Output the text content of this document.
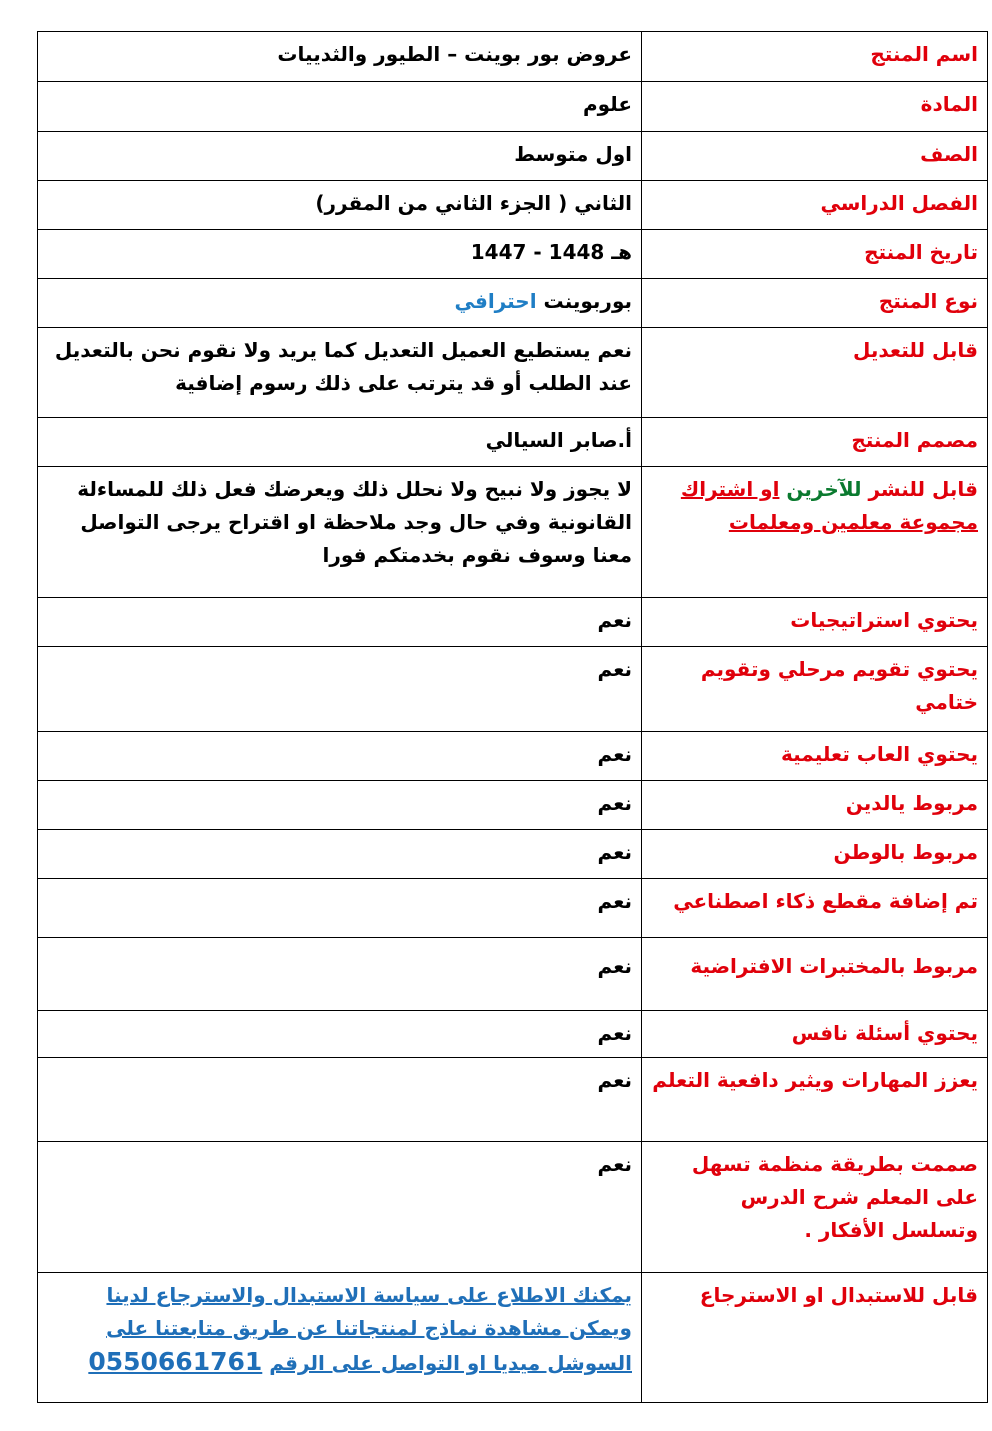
اسم المنتج	عروض بور بوينت – الطيور والثدييات
المادة	علوم
الصف	اول متوسط
الفصل الدراسي	الثاني ( الجزء الثاني من المقرر)
تاريخ المنتج	1447 - 1448 هـ
نوع المنتج	بوربوينت احترافي
قابل للتعديل	نعم يستطيع العميل التعديل كما يريد ولا نقوم نحن بالتعديل عند الطلب أو قد يترتب على ذلك رسوم إضافية
مصمم المنتج	أ.صابر السيالي
قابل للنشر للآخرين او اشتراك مجموعة معلمين ومعلمات	لا يجوز ولا نبيح ولا نحلل ذلك ويعرضك فعل ذلك للمساءلة القانونية وفي حال وجد ملاحظة او اقتراح يرجى التواصل معنا وسوف نقوم بخدمتكم فورا
يحتوي استراتيجيات	نعم
يحتوي تقويم مرحلي وتقويم ختامي	نعم
يحتوي العاب تعليمية	نعم
مربوط يالدين	نعم
مربوط بالوطن	نعم
تم إضافة مقطع ذكاء اصطناعي	نعم
مربوط بالمختبرات الافتراضية	نعم
يحتوي أسئلة نافس	نعم
يعزز المهارات ويثير دافعية التعلم	نعم
صممت بطريقة منظمة تسهل على المعلم شرح الدرس وتسلسل الأفكار .	نعم
قابل للاستبدال او الاسترجاع	يمكنك الاطلاع على سياسة الاستبدال والاسترجاع لدينا ويمكن مشاهدة نماذج لمنتجاتنا عن طريق متابعتنا على السوشل ميديا او التواصل على الرقم 0550661761
